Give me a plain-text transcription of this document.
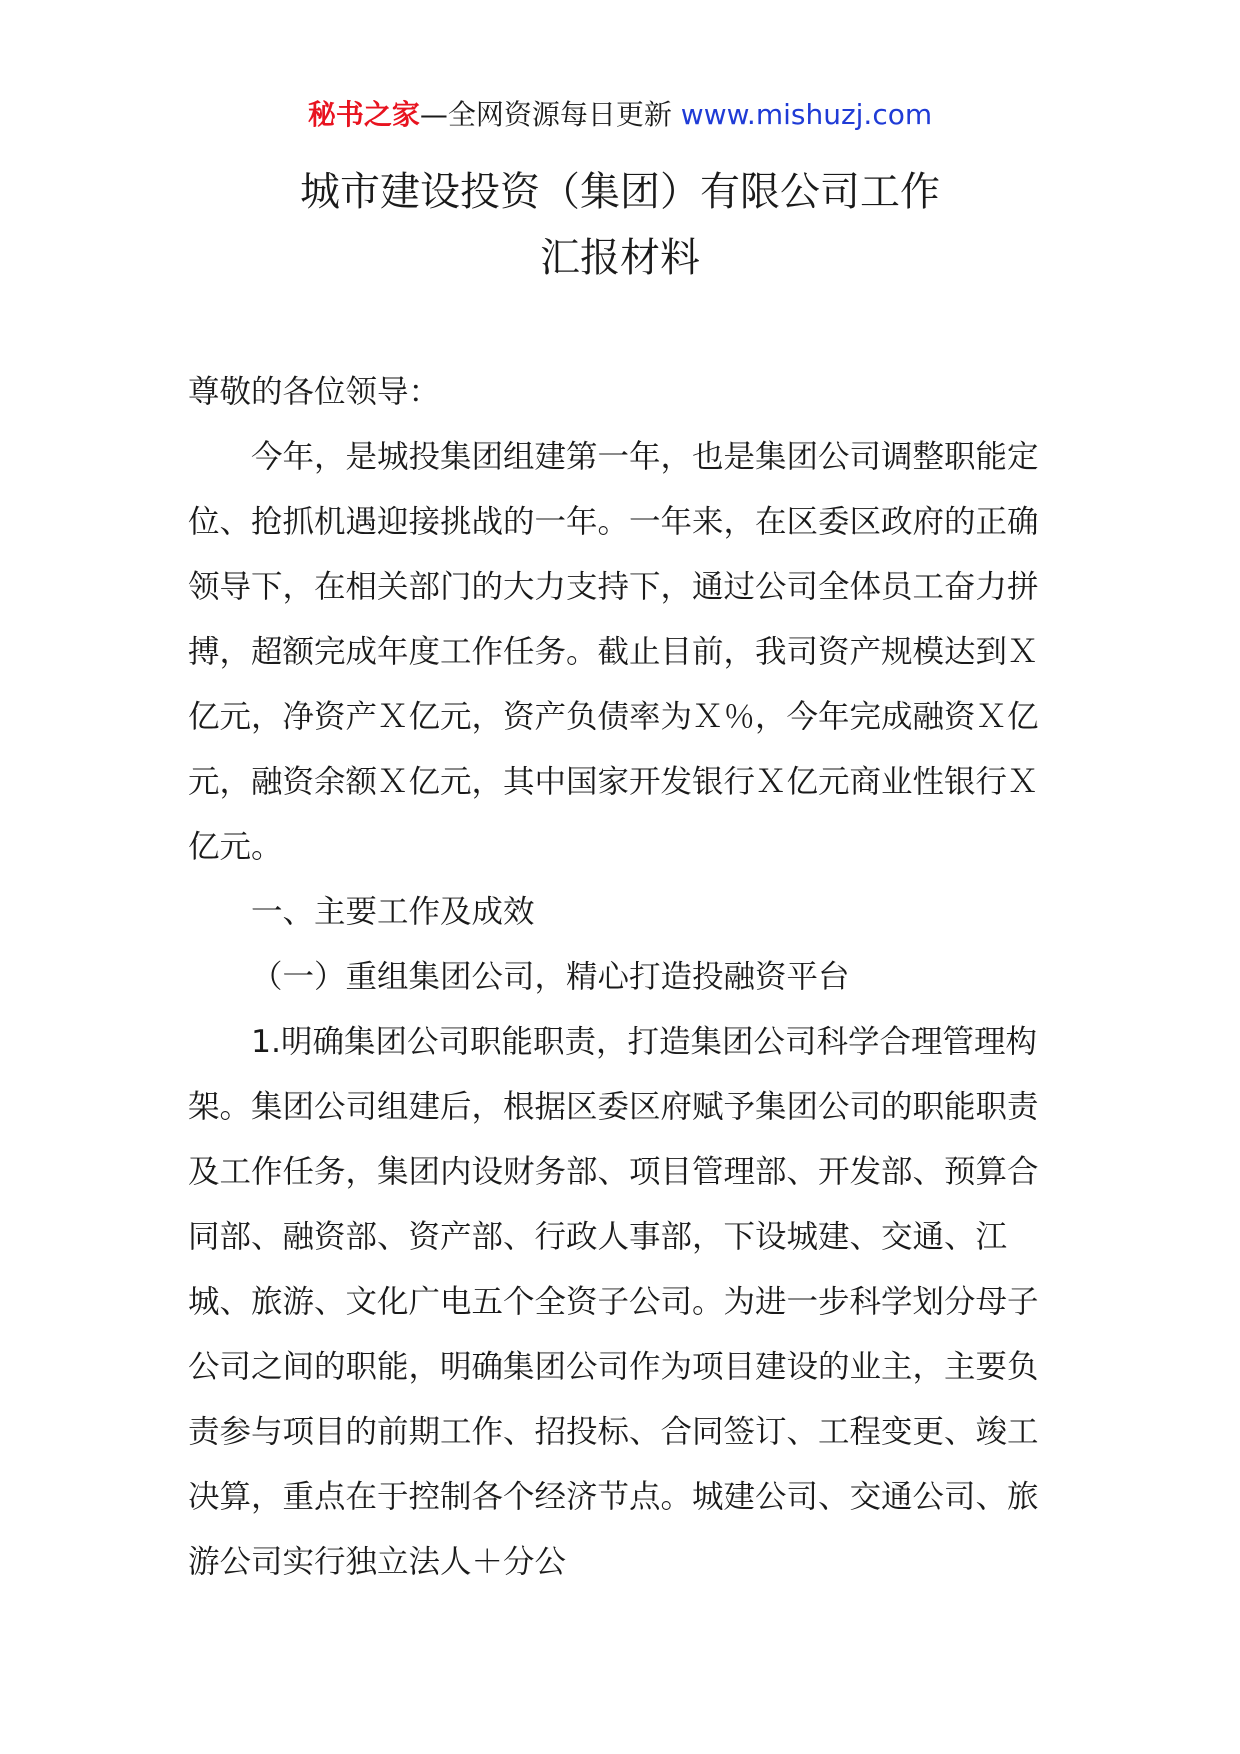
秘书之家—全网资源每日更新 www.mishuzj.com
城市建设投资（集团）有限公司工作
汇报材料

尊敬的各位领导：

今年，是城投集团组建第一年，也是集团公司调整职能定位、抢抓机遇迎接挑战的一年。一年来，在区委区政府的正确领导下，在相关部门的大力支持下，通过公司全体员工奋力拼搏，超额完成年度工作任务。截止目前，我司资产规模达到Ｘ亿元，净资产Ｘ亿元，资产负债率为Ｘ％，今年完成融资Ｘ亿元，融资余额Ｘ亿元，其中国家开发银行Ｘ亿元商业性银行Ｘ亿元。

一、主要工作及成效

（一）重组集团公司，精心打造投融资平台

1.明确集团公司职能职责，打造集团公司科学合理管理构架。集团公司组建后，根据区委区府赋予集团公司的职能职责及工作任务，集团内设财务部、项目管理部、开发部、预算合同部、融资部、资产部、行政人事部，下设城建、交通、江城、旅游、文化广电五个全资子公司。为进一步科学划分母子公司之间的职能，明确集团公司作为项目建设的业主，主要负责参与项目的前期工作、招投标、合同签订、工程变更、竣工决算，重点在于控制各个经济节点。城建公司、交通公司、旅游公司实行独立法人＋分公
